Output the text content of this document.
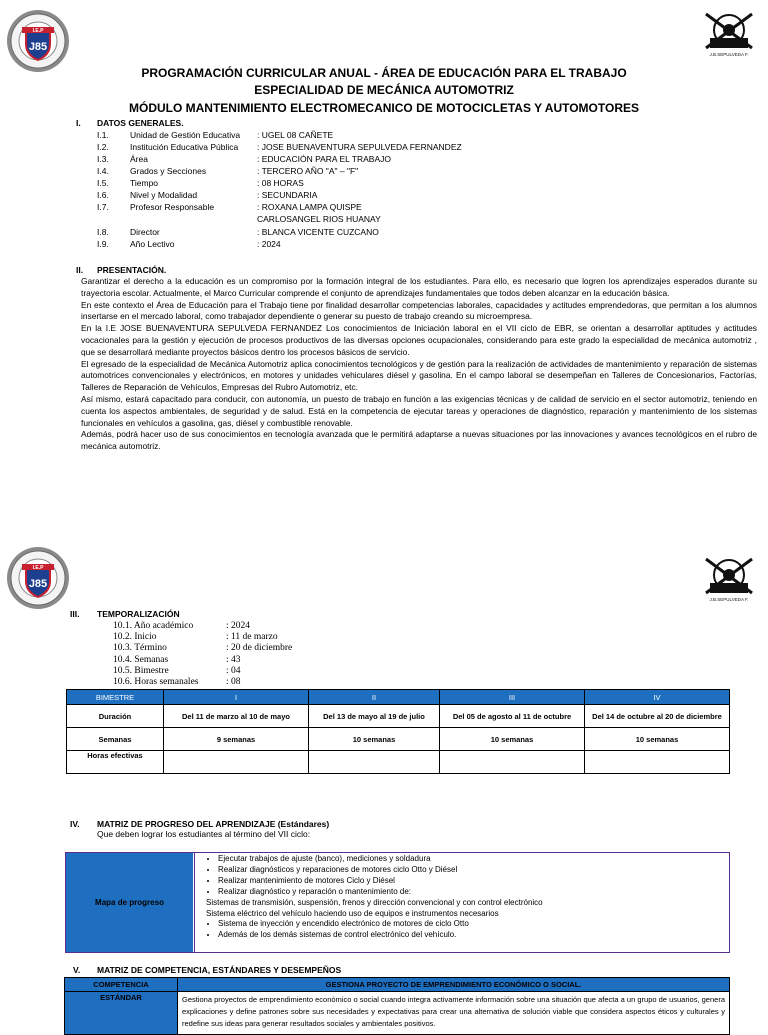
J85
I.E.P
J.B.SEPULVEDA F.
PROGRAMACIÓN CURRICULAR ANUAL - ÁREA DE EDUCACIÓN PARA EL TRABAJO
ESPECIALIDAD DE MECÁNICA AUTOMOTRIZ
MÓDULO MANTENIMIENTO ELECTROMECANICO DE MOTOCICLETAS Y AUTOMOTORES
I. DATOS GENERALES.
I.1. Unidad de Gestión Educativa : UGEL 08 CAÑETE
I.2. Institución Educativa Pública : JOSE BUENAVENTURA SEPULVEDA FERNANDEZ
I.3. Área	: EDUCACIÓN PARA EL TRABAJO
I.4. Grados y Secciones	: TERCERO AÑO "A" – "F"
I.5. Tiempo	: 08 HORAS
I.6. Nivel y Modalidad	: SECUNDARIA
I.7. Profesor Responsable	: ROXANA LAMPA QUISPE
CARLOSANGEL RIOS HUANAY
I.8. Director	: BLANCA VICENTE CUZCANO
I.9. Año Lectivo	: 2024
II. PRESENTACIÓN.

Garantizar el derecho a la educación es un compromiso por la formación integral de los estudiantes. Para ello, es necesario que logren los aprendizajes esperados durante su trayectoria escolar. Actualmente, el Marco Curricular comprende el conjunto de aprendizajes fundamentales que todos deben alcanzar en la educación básica.

En este contexto el Área de Educación para el Trabajo tiene por finalidad desarrollar competencias laborales, capacidades y actitudes emprendedoras, que permitan a los alumnos insertarse en el mercado laboral, como trabajador dependiente o generar su puesto de trabajo creando su microempresa.

En la I.E JOSE BUENAVENTURA SEPULVEDA FERNANDEZ Los conocimientos de Iniciación laboral en el VII ciclo de EBR, se orientan a desarrollar aptitudes y actitudes vocacionales para la gestión y ejecución de procesos productivos de las diversas opciones ocupacionales, considerando para este grado la especialidad de mecánica automotriz , que se desarrollará mediante proyectos básicos dentro los procesos básicos de servicio.

El egresado de la especialidad de Mecánica Automotriz aplica conocimientos tecnológicos y de gestión para la realización de actividades de mantenimiento y reparación de sistemas automotrices convencionales y electrónicos, en motores y unidades vehiculares diésel y gasolina. En el campo laboral se desempeñan en Talleres de Concesionarios, Factorías, Talleres de Reparación de Vehículos, Empresas del Rubro Automotriz, etc.

Así mismo, estará capacitado para conducir, con autonomía, un puesto de trabajo en función a las exigencias técnicas y de calidad de servicio en el sector automotriz, teniendo en cuenta los aspectos ambientales, de seguridad y de salud. Está en la competencia de ejecutar tareas y operaciones de diagnóstico, reparación y mantenimiento de los sistemas funcionales en vehículos a gasolina, gas, diésel y combustible renovable.

Además, podrá hacer uso de sus conocimientos en tecnología avanzada que le permitirá adaptarse a nuevas situaciones por las innovaciones y avances tecnológicos en el rubro de mecánica automotriz.

J85
I.E.P
J.B.SEPULVEDA F.
III. TEMPORALIZACIÓN
10.1. Año académico	: 2024
10.2. Inicio	: 11 de marzo
10.3. Término	: 20 de diciembre
10.4. Semanas	: 43
10.5. Bimestre	: 04
10.6. Horas semanales	: 08
BIMESTRE	I	II	III	IV
Duración	Del 11 de marzo al 10 de mayo	Del 13 de mayo al 19 de julio	Del 05 de agosto al 11 de octubre	Del 14 de octubre al 20 de diciembre
Semanas	9 semanas	10 semanas	10 semanas	10 semanas
Horas efectivas				
IV. MATRIZ DE PROGRESO DEL APRENDIZAJE (Estándares)
Que deben lograr los estudiantes al término del VII ciclo:
Mapa de progreso
• Ejecutar trabajos de ajuste (banco), mediciones y soldadura
• Realizar diagnósticos y reparaciones de motores ciclo Otto y Diésel
• Realizar mantenimiento de motores Ciclo y Diésel
• Realizar diagnóstico y reparación o mantenimiento de:
Sistemas de transmisión, suspensión, frenos y dirección convencional y con control electrónico
Sistema eléctrico del vehículo haciendo uso de equipos e instrumentos necesarios
• Sistema de inyección y encendido electrónico de motores de ciclo Otto
• Además de los demás sistemas de control electrónico del vehículo.
V. MATRIZ DE COMPETENCIA, ESTÁNDARES Y DESEMPEÑOS
COMPETENCIA	GESTIONA PROYECTO DE EMPRENDIMIENTO ECONÓMICO O SOCIAL.
ESTÁNDAR	Gestiona proyectos de emprendimiento económico o social cuando integra activamente información sobre una situación que afecta a un grupo de usuarios, genera explicaciones y define patrones sobre sus necesidades y expectativas para crear una alternativa de solución viable que considera aspectos éticos y culturales y redefine sus ideas para generar resultados sociales y ambientales positivos.
